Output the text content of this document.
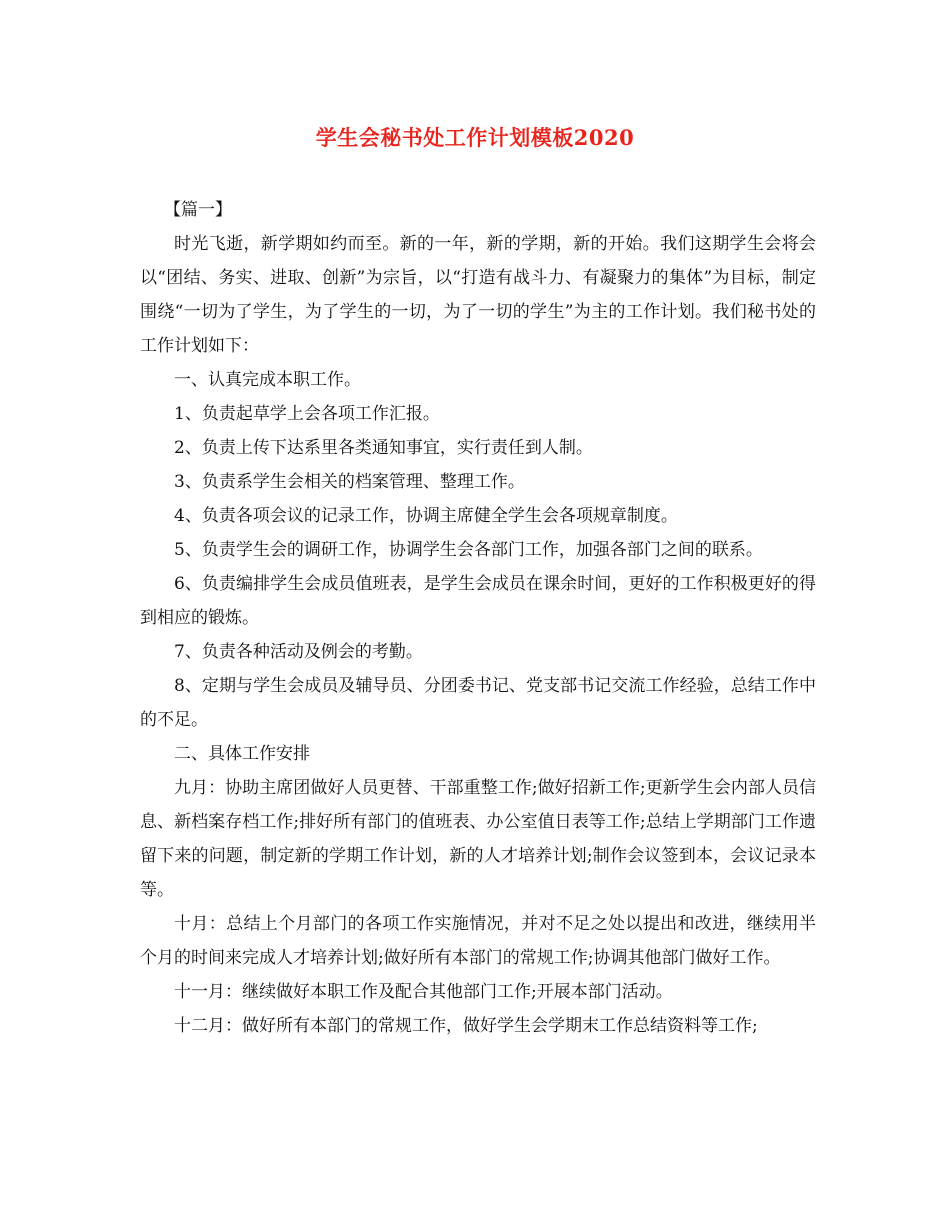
学生会秘书处工作计划模板2020

【篇一】

时光飞逝，新学期如约而至。新的一年，新的学期，新的开始。我们这期学生会将会以“团结、务实、进取、创新”为宗旨，以“打造有战斗力、有凝聚力的集体”为目标，制定围绕“一切为了学生，为了学生的一切，为了一切的学生”为主的工作计划。我们秘书处的工作计划如下：

一、认真完成本职工作。

1、负责起草学上会各项工作汇报。

2、负责上传下达系里各类通知事宜，实行责任到人制。

3、负责系学生会相关的档案管理、整理工作。

4、负责各项会议的记录工作，协调主席健全学生会各项规章制度。

5、负责学生会的调研工作，协调学生会各部门工作，加强各部门之间的联系。

6、负责编排学生会成员值班表，是学生会成员在课余时间，更好的工作积极更好的得到相应的锻炼。

7、负责各种活动及例会的考勤。

8、定期与学生会成员及辅导员、分团委书记、党支部书记交流工作经验，总结工作中的不足。

二、具体工作安排

九月：协助主席团做好人员更替、干部重整工作;做好招新工作;更新学生会内部人员信息、新档案存档工作;排好所有部门的值班表、办公室值日表等工作;总结上学期部门工作遗留下来的问题，制定新的学期工作计划，新的人才培养计划;制作会议签到本，会议记录本等。

十月：总结上个月部门的各项工作实施情况，并对不足之处以提出和改进，继续用半个月的时间来完成人才培养计划;做好所有本部门的常规工作;协调其他部门做好工作。

十一月：继续做好本职工作及配合其他部门工作;开展本部门活动。

十二月：做好所有本部门的常规工作，做好学生会学期末工作总结资料等工作;
